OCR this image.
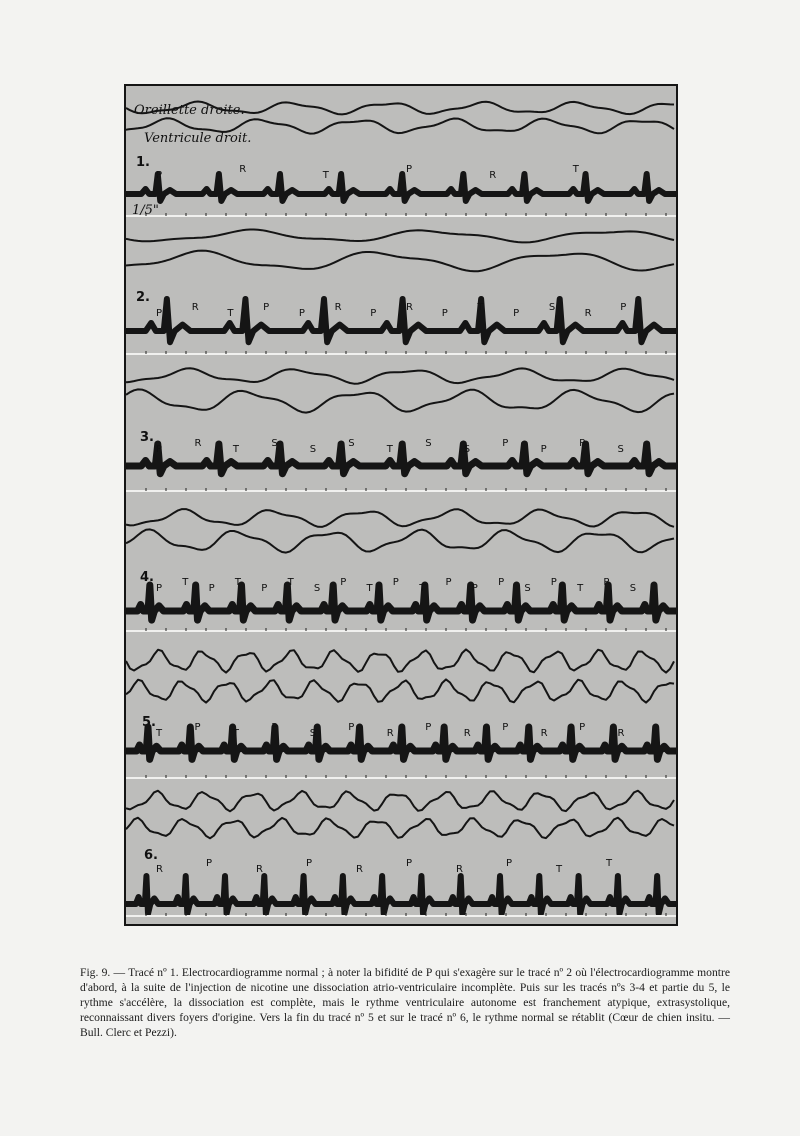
Oreillette droite.
Ventricule droit.
1/5"
1.
2.
3.
4.
5.
6.
P
R
T
P
R
T
P
R
T
P
P
R
P
R
P
T
P
S
R
P
P
R
T
S
S
S
T
S
S
P
P
P
S
P
T
P
T
P
T
S
P
T
P
T
P
P
P
S
P
T
P
S
T
P
T
P
S
P
R
P
R
P
R
P
R
R
P
R
P
R
P
R
P
T
T

Fig. 9. — Tracé nº 1. Electrocardiogramme normal ; à noter la bifidité de P qui s'exagère sur le tracé nº 2 où l'électrocardiogramme montre d'abord, à la suite de l'injection de nicotine une dissociation atrio-ventriculaire incomplète. Puis sur les tracés nºs 3-4 et partie du 5, le rythme s'accélère, la dissociation est complète, mais le rythme ventriculaire autonome est franchement atypique, extrasystolique, reconnaissant divers foyers d'origine. Vers la fin du tracé nº 5 et sur le tracé nº 6, le rythme normal se rétablit (Cœur de chien insitu. — Bull. Clerc et Pezzi).
